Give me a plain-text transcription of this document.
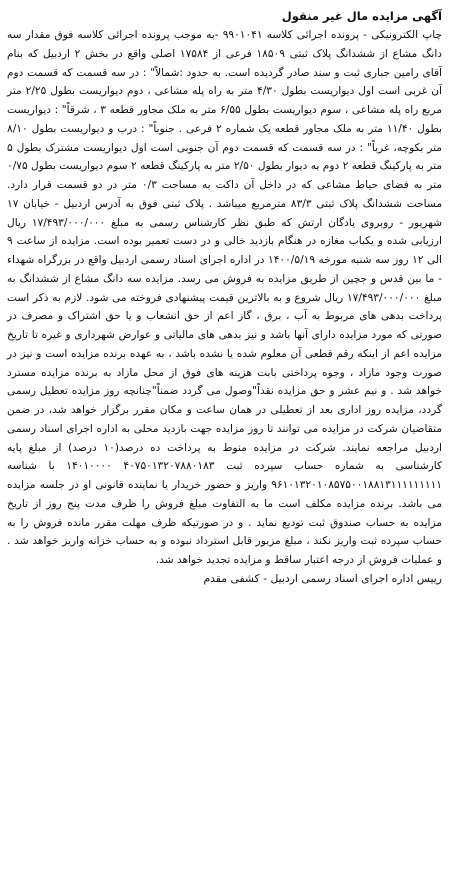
آگهی مزایده مال غیر منقول
چاپ الکترونیکی - پرونده اجرائی کلاسه ۹۹۰۱۰۴۱ -به موجب پرونده اجرائی کلاسه فوق مقدار سه دانگ مشاع از ششدانگ پلاک ثبتی ۱۸۵۰۹ فرعی از ۱۷۵۸۴ اصلی واقع در بخش ۲ اردبیل که بنام آقای رامین جباری ثبت و سند صادر گردیده است. به حدود :شمالاً" : در سه قسمت که قسمت دوم آن غربی است اول دیواریست بطول ۴/۳۰ متر به راه پله مشاعی ، دوم دیواریست بطول ۲/۲۵ متر مربع راه پله مشاعی ، سوم دیواریست بطول ۶/۵۵ متر به ملک مجاور قطعه ۳ ، شرقاً" : دیواریست بطول ۱۱/۴۰ متر به ملک مجاور قطعه یک شماره ۲ فرعی . جنوباً" : درب و دیواریست بطول ۸/۱۰ متر بکوچه، غرباً" : در سه قسمت که قسمت دوم آن جنوبی است اول دیواریست مشترک بطول ۵ متر به پارکینگ قطعه ۲ دوم به دیوار بطول ۲/۵۰ متر به پارکینگ قطعه ۲ سوم دیواریست بطول ۰/۷۵ متر به فضای حیاط مشاعی که در داخل آن داکت به مساحت ۰/۳ متر در دو قسمت قرار دارد. مساحت ششدانگ پلاک ثبتی ۸۳/۳ مترمربع میباشد . پلاک ثبتی فوق به آدرس اردبیل - خیابان ۱۷ شهریور - روبروی یادگان ارتش که طبق نظر کارشناس رسمی به مبلغ ۱۷/۴۹۳/۰۰۰/۰۰۰ ریال ارزیابی شده و یکباب مغازه در هنگام بازدید خالی و در دست تعمیر بوده است. مزایده از ساعت ۹ الی ۱۲ روز سه شنبه مورخه ۱۴۰۰/۵/۱۹ در اداره اجرای اسناد رسمی اردبیل واقع در بزرگراه شهداء - ما بین قدس و جچین از طریق مزایده به فروش می رسد. مزایده سه دانگ مشاع از ششدانگ به مبلغ ۱۷/۴۹۳/۰۰۰/۰۰۰ ریال شروع و به بالاترین قیمت پیشنهادی فروخته می شود. لازم به ذکر است پرداخت بدهی های مربوط به آب ، برق ، گاز اعم از حق انشعاب و یا حق اشتراک و مصرف در صورتی که مورد مزایده دارای آنها باشد و نیز بدهی های مالیاتی و عوارض شهرداری و غیره تا تاریخ مزایده اعم از اینکه رقم قطعی آن معلوم شده یا نشده باشد ، به عهده برنده مزایده است و نیز در صورت وجود مازاد ، وجوه پرداختی بابت هزینه های فوق از محل مازاد به برنده مزایده مسترد خواهد شد . و نیم عشر و حق مزایده نقداً"وصول می گردد ضمناً"چنانچه روز مزایده تعطیل رسمی گردد، مزایده روز اداری بعد از تعطیلی در همان ساعت و مکان مقرر برگزار خواهد شد، در ضمن متقاضیان شرکت در مزایده می توانند تا روز مزایده جهت بازدید محلی به اداره اجرای اسناد رسمی اردبیل مراجعه نمایند. شرکت در مزایده منوط به پرداخت ده درصد(۱۰ درصد) از مبلغ پایه کارشناسی به شماره حساب سپرده ثبت ۴۰۷۵۰۱۳۲۰۷۸۸۰۱۸۳ ۱۴۰۱۰۰۰۰ با شناسه ۹۶۱۰۱۳۲۰۱۰۸۵۷۵۰۰۱۸۸۱۳۱۱۱۱۱۱۱۱۱ واریز و حضور خریدار یا نماینده قانونی او در جلسه مزایده می باشد. برنده مزایده مکلف است ما به التفاوت مبلغ فروش را ظرف مدت پنج روز از تاریخ مزایده به حساب صندوق ثبت تودیع نماید . و در صورتیکه ظرف مهلت مقرر مانده فروش را به حساب سپرده ثبت واریز نکند ، مبلغ مزبور قابل استرداد نبوده و به حساب خزانه واریز خواهد شد . و عملیات فروش از درجه اعتبار ساقط و مزایده تجدید خواهد شد.
رییس اداره اجرای اسناد رسمی اردبیل - کشفی مقدم
